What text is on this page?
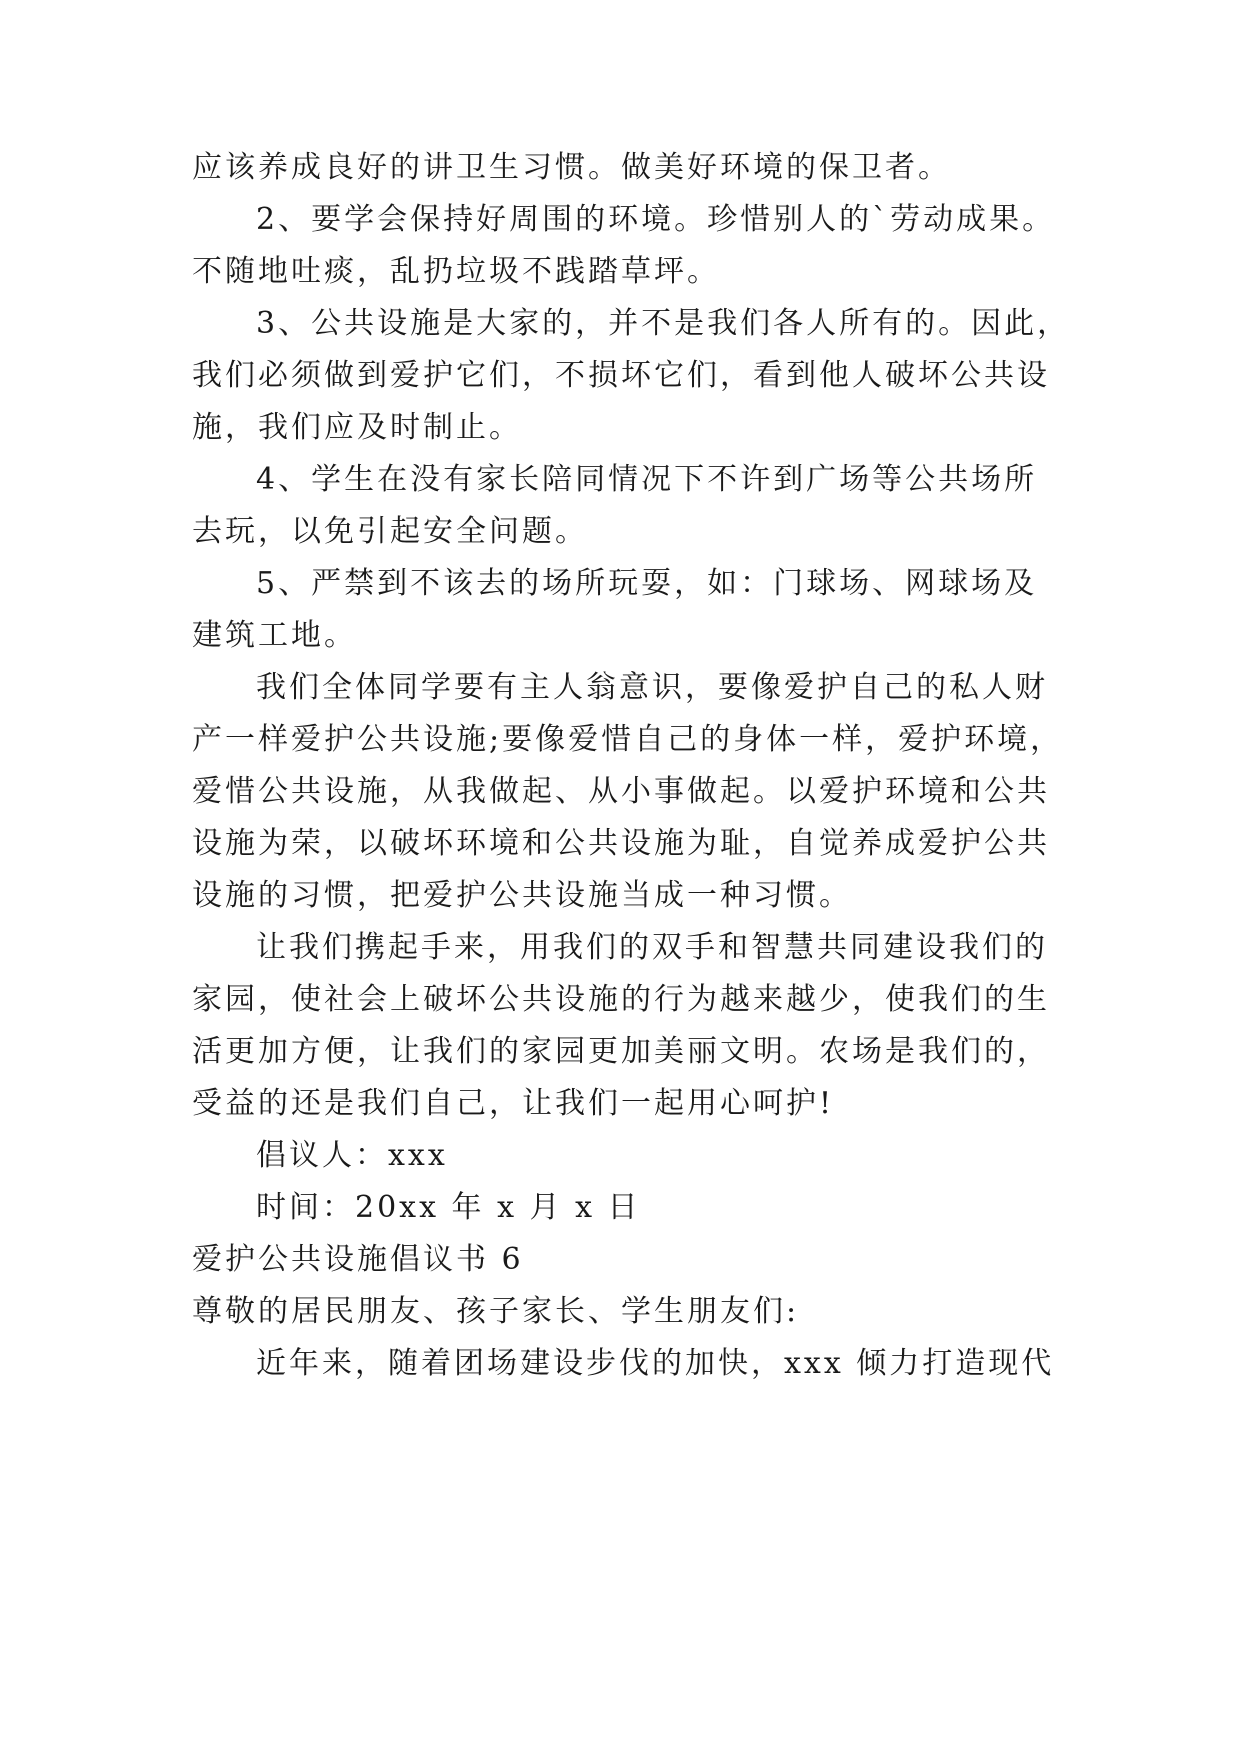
应该养成良好的讲卫生习惯。做美好环境的保卫者。
2、要学会保持好周围的环境。珍惜别人的`劳动成果。
不随地吐痰，乱扔垃圾不践踏草坪。
3、公共设施是大家的，并不是我们各人所有的。因此，
我们必须做到爱护它们，不损坏它们，看到他人破坏公共设
施，我们应及时制止。
4、学生在没有家长陪同情况下不许到广场等公共场所
去玩，以免引起安全问题。
5、严禁到不该去的场所玩耍，如：门球场、网球场及
建筑工地。
我们全体同学要有主人翁意识，要像爱护自己的私人财
产一样爱护公共设施;要像爱惜自己的身体一样，爱护环境，
爱惜公共设施，从我做起、从小事做起。以爱护环境和公共
设施为荣，以破坏环境和公共设施为耻，自觉养成爱护公共
设施的习惯，把爱护公共设施当成一种习惯。
让我们携起手来，用我们的双手和智慧共同建设我们的
家园，使社会上破坏公共设施的行为越来越少，使我们的生
活更加方便，让我们的家园更加美丽文明。农场是我们的，
受益的还是我们自己，让我们一起用心呵护!
倡议人：xxx
时间：20xx 年 x 月 x 日
爱护公共设施倡议书 6
尊敬的居民朋友、孩子家长、学生朋友们:
近年来，随着团场建设步伐的加快，xxx 倾力打造现代
